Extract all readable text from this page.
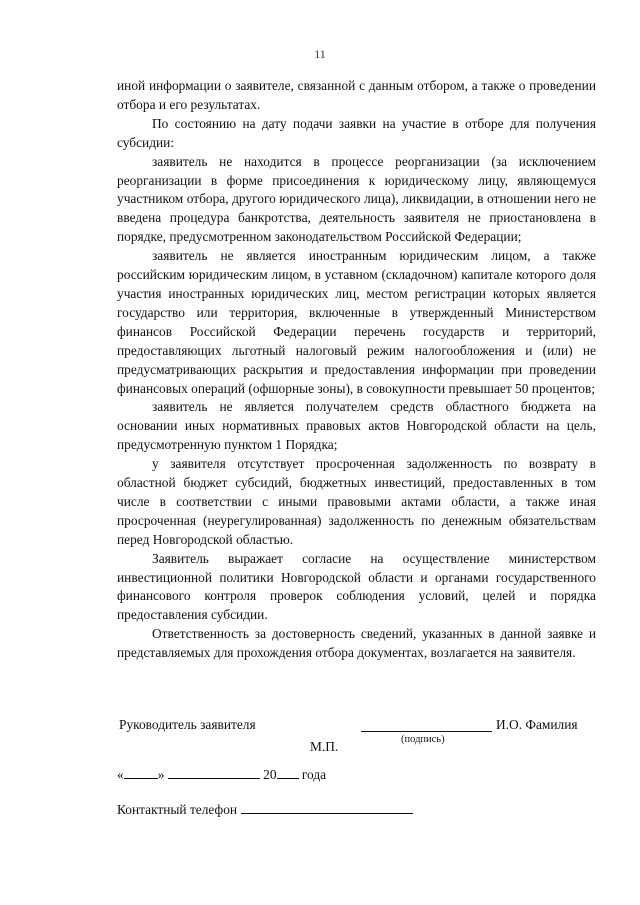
11

иной информации о заявителе, связанной с данным отбором, а также о проведении отбора и его результатах.

По состоянию на дату подачи заявки на участие в отборе для получения субсидии:

заявитель не находится в процессе реорганизации (за исключением реорганизации в форме присоединения к юридическому лицу, являющемуся участником отбора, другого юридического лица), ликвидации, в отношении него не введена процедура банкротства, деятельность заявителя не приостановлена в порядке, предусмотренном законодательством Российской Федерации;

заявитель не является иностранным юридическим лицом, а также российским юридическим лицом, в уставном (складочном) капитале которого доля участия иностранных юридических лиц, местом регистрации которых является государство или территория, включенные в утвержденный Министерством финансов Российской Федерации перечень государств и территорий, предоставляющих льготный налоговый режим налогообложения и (или) не предусматривающих раскрытия и предоставления информации при проведении финансовых операций (офшорные зоны), в совокупности превышает 50 процентов;

заявитель не является получателем средств областного бюджета на основании иных нормативных правовых актов Новгородской области на цель, предусмотренную пунктом 1 Порядка;

у заявителя отсутствует просроченная задолженность по возврату в областной бюджет субсидий, бюджетных инвестиций, предоставленных в том числе в соответствии с иными правовыми актами области, а также иная просроченная (неурегулированная) задолженность по денежным обязательствам перед Новгородской областью.

Заявитель выражает согласие на осуществление министерством инвестиционной политики Новгородской области и органами государственного финансового контроля проверок соблюдения условий, целей и порядка предоставления субсидии.

Ответственность за достоверность сведений, указанных в данной заявке и представляемых для прохождения отбора документах, возлагается на заявителя.

Руководитель заявителя
(подпись)
И.О. Фамилия
М.П.
«	»	20 года
Контактный телефон
